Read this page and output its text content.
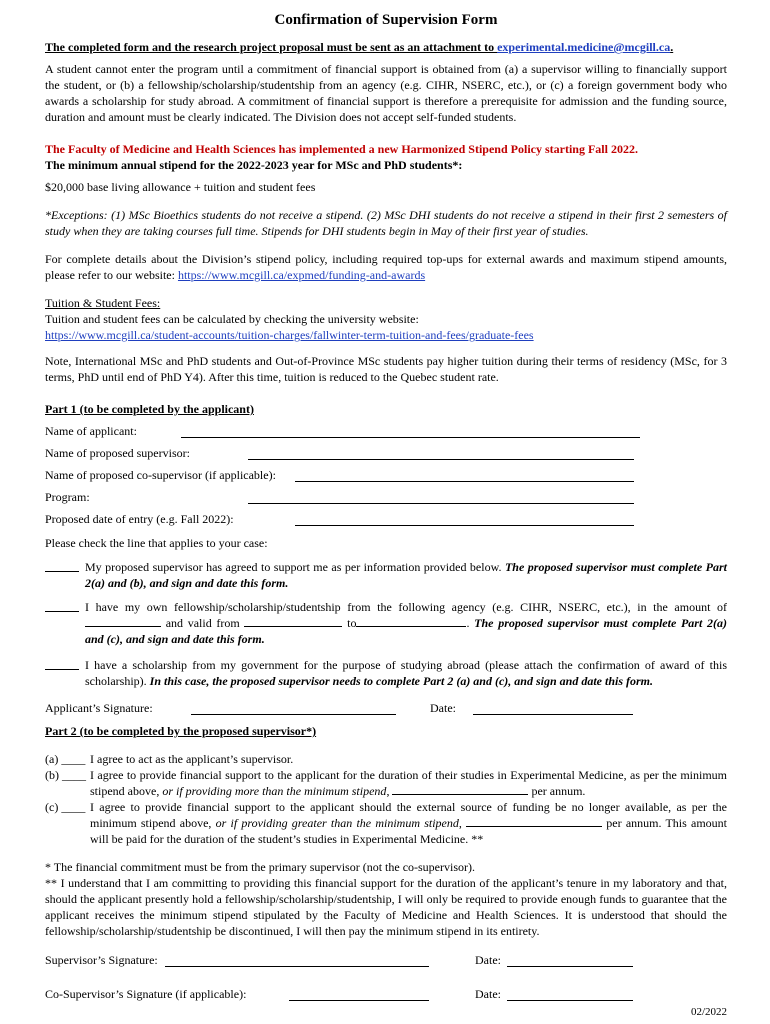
Confirmation of Supervision Form

The completed form and the research project proposal must be sent as an attachment to experimental.medicine@mcgill.ca.

A student cannot enter the program until a commitment of financial support is obtained from (a) a supervisor willing to financially support the student, or (b) a fellowship/scholarship/studentship from an agency (e.g. CIHR, NSERC, etc.), or (c) a foreign government body who awards a scholarship for study abroad. A commitment of financial support is therefore a prerequisite for admission and the funding source, duration and amount must be clearly indicated. The Division does not accept self-funded students.

The Faculty of Medicine and Health Sciences has implemented a new Harmonized Stipend Policy starting Fall 2022.

The minimum annual stipend for the 2022-2023 year for MSc and PhD students*:

$20,000 base living allowance + tuition and student fees

*Exceptions: (1) MSc Bioethics students do not receive a stipend. (2) MSc DHI students do not receive a stipend in their first 2 semesters of study when they are taking courses full time. Stipends for DHI students begin in May of their first year of studies.

For complete details about the Division’s stipend policy, including required top-ups for external awards and maximum stipend amounts, please refer to our website: https://www.mcgill.ca/expmed/funding-and-awards

Tuition & Student Fees:

Tuition and student fees can be calculated by checking the university website:

https://www.mcgill.ca/student-accounts/tuition-charges/fallwinter-term-tuition-and-fees/graduate-fees

Note, International MSc and PhD students and Out-of-Province MSc students pay higher tuition during their terms of residency (MSc, for 3 terms, PhD until end of PhD Y4). After this time, tuition is reduced to the Quebec student rate.

Part 1 (to be completed by the applicant)

Name of applicant:
Name of proposed supervisor:
Name of proposed co-supervisor (if applicable):
Program:
Proposed date of entry (e.g. Fall 2022):

Please check the line that applies to your case:

My proposed supervisor has agreed to support me as per information provided below. The proposed supervisor must complete Part 2(a) and (b), and sign and date this form.
I have my own fellowship/scholarship/studentship from the following agency (e.g. CIHR, NSERC, etc.), in the amount of  and valid from	to	. The proposed supervisor must complete Part 2(a) and (c), and sign and date this form.
I have a scholarship from my government for the purpose of studying abroad (please attach the confirmation of award of this scholarship). In this case, the proposed supervisor needs to complete Part 2 (a) and (c), and sign and date this form.
Applicant’s Signature:	Date:

Part 2 (to be completed by the proposed supervisor*)

(a) ____ I agree to act as the applicant’s supervisor.
(b) ____ I agree to provide financial support to the applicant for the duration of their studies in Experimental Medicine, as per the minimum stipend above, or if providing more than the minimum stipend,	per annum.
(c) ____ I agree to provide financial support to the applicant should the external source of funding be no longer available, as per the minimum stipend above, or if providing greater than the minimum stipend,	per annum. This amount will be paid for the duration of the student’s studies in Experimental Medicine. **

* The financial commitment must be from the primary supervisor (not the co-supervisor).

** I understand that I am committing to providing this financial support for the duration of the applicant’s tenure in my laboratory and that, should the applicant presently hold a fellowship/scholarship/studentship, I will only be required to provide enough funds to guarantee that the applicant receives the minimum stipend stipulated by the Faculty of Medicine and Health Sciences. It is understood that should the fellowship/scholarship/studentship be discontinued, I will then pay the minimum stipend in its entirety.

Supervisor’s Signature:	Date:
Co-Supervisor’s Signature (if applicable):	Date:
02/2022
